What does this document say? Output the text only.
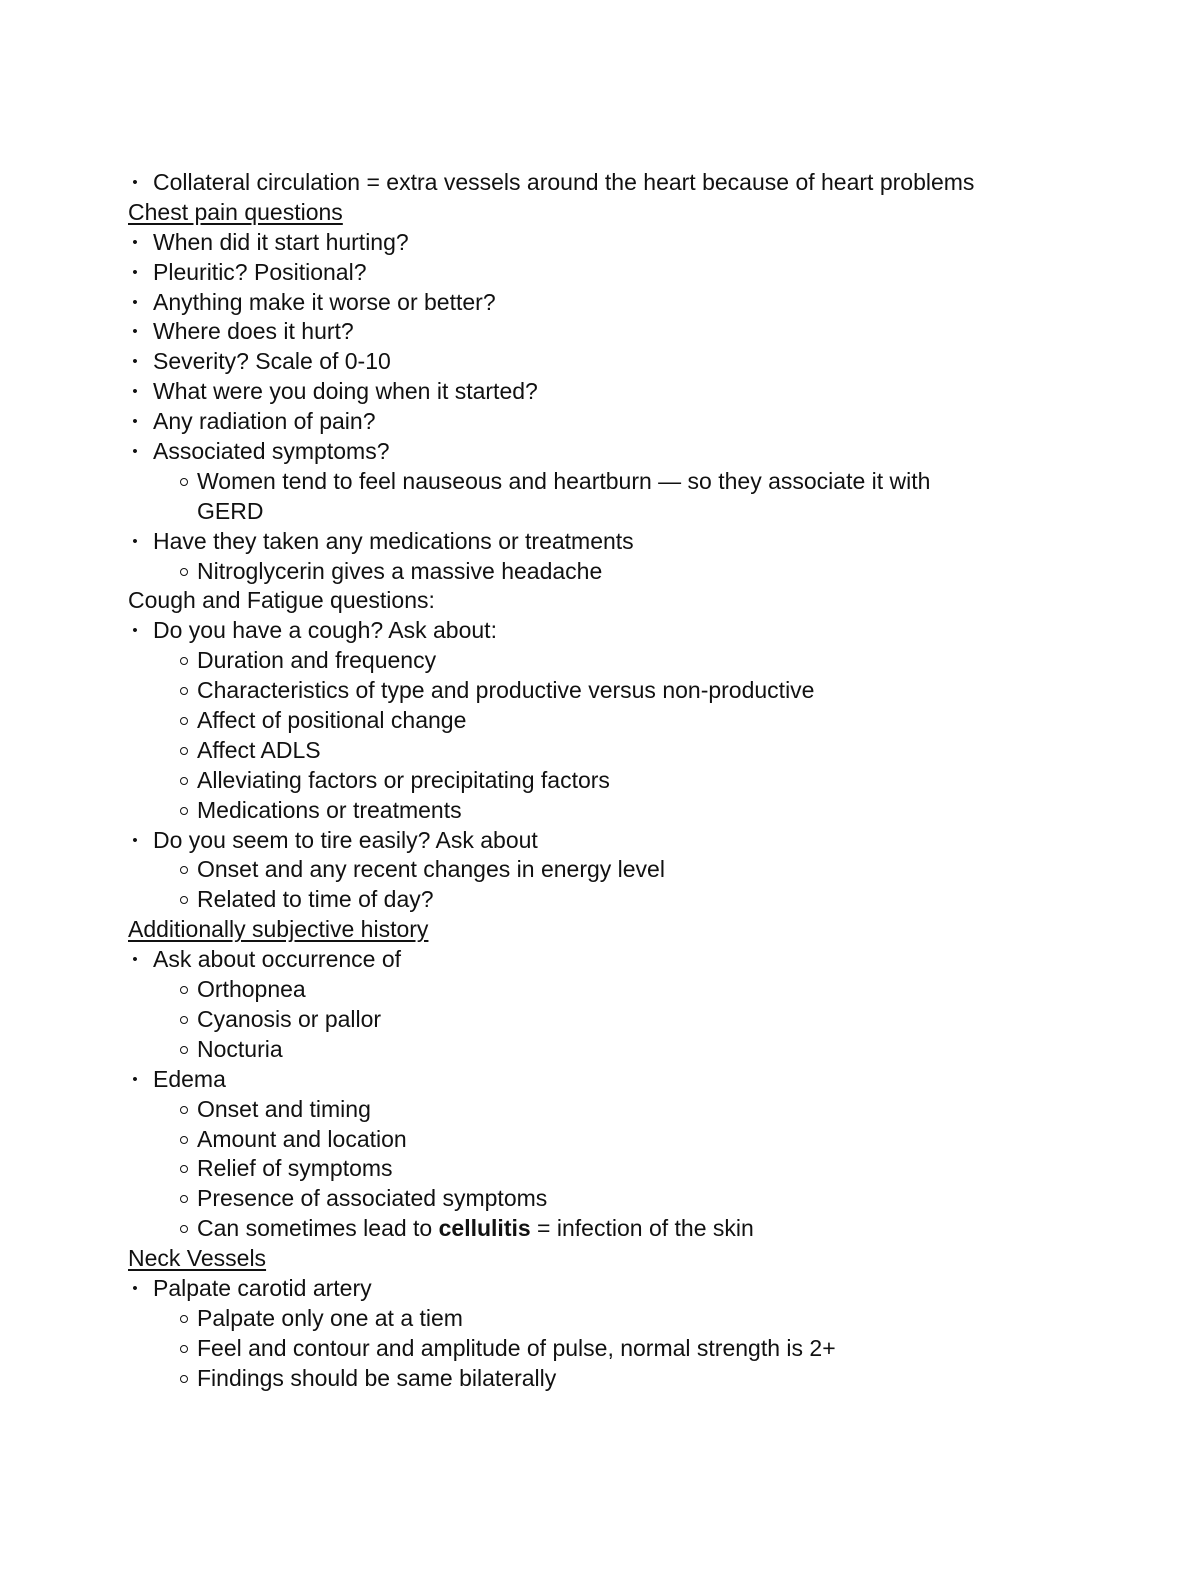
• Collateral circulation = extra vessels around the heart because of heart problems
Chest pain questions
• When did it start hurting?
• Pleuritic? Positional?
• Anything make it worse or better?
• Where does it hurt?
• Severity? Scale of 0-10
• What were you doing when it started?
• Any radiation of pain?
• Associated symptoms?
Women tend to feel nauseous and heartburn — so they associate it with
GERD
• Have they taken any medications or treatments
Nitroglycerin gives a massive headache
Cough and Fatigue questions:
• Do you have a cough? Ask about:
Duration and frequency
Characteristics of type and productive versus non-productive
Affect of positional change
Affect ADLS
Alleviating factors or precipitating factors
Medications or treatments
• Do you seem to tire easily? Ask about
Onset and any recent changes in energy level
Related to time of day?
Additionally subjective history
• Ask about occurrence of
Orthopnea
Cyanosis or pallor
Nocturia
• Edema
Onset and timing
Amount and location
Relief of symptoms
Presence of associated symptoms
Can sometimes lead to cellulitis = infection of the skin
Neck Vessels
• Palpate carotid artery
Palpate only one at a tiem
Feel and contour and amplitude of pulse, normal strength is 2+
Findings should be same bilaterally
